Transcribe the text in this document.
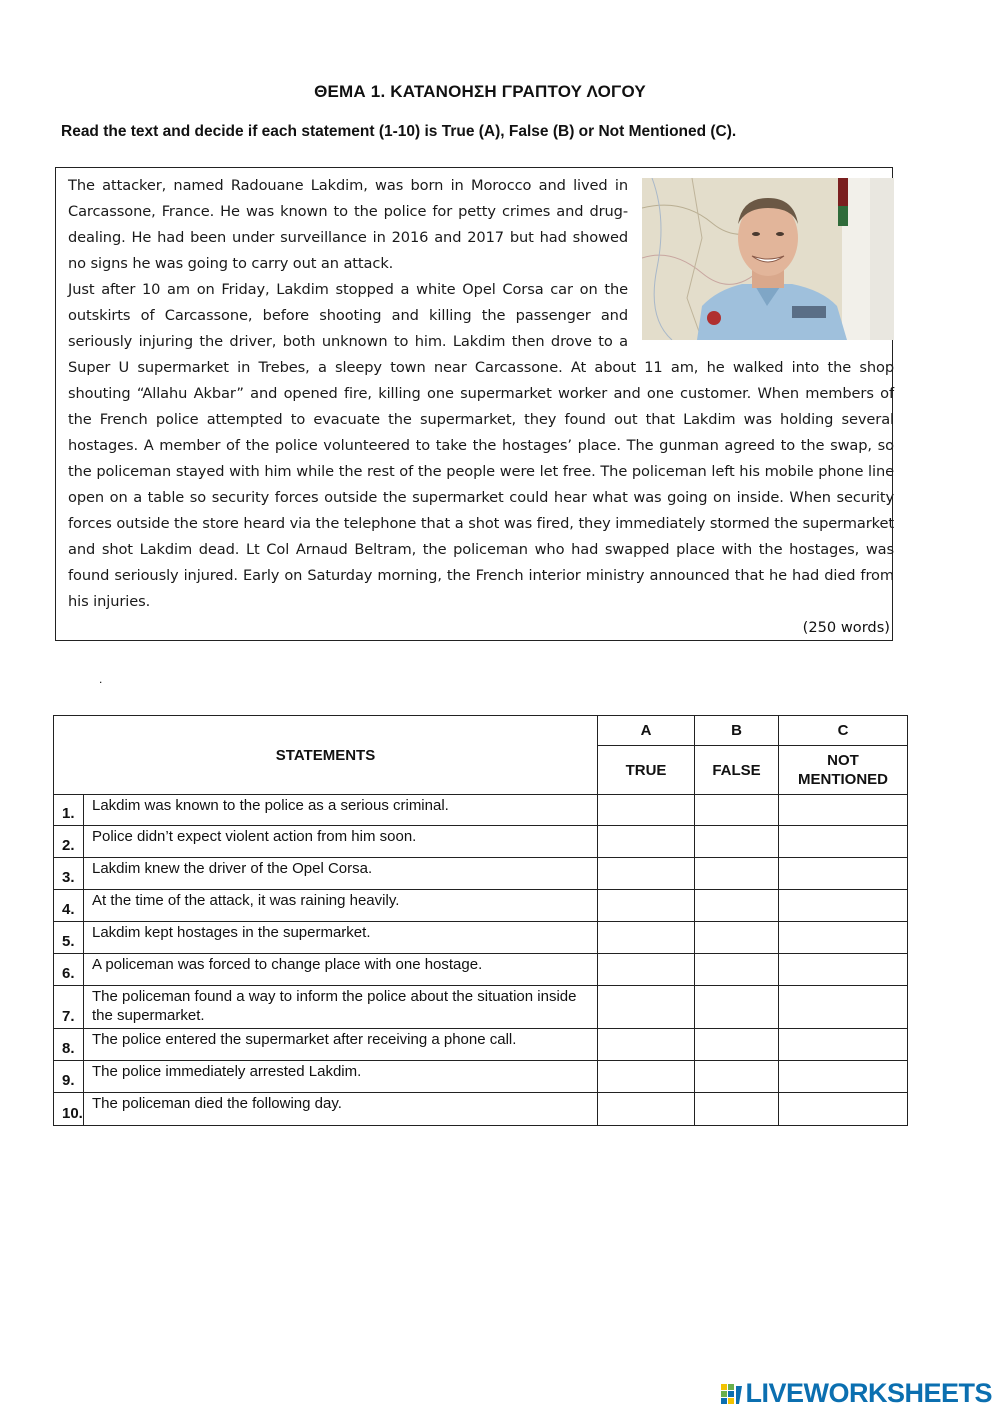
ΘΕΜΑ 1. ΚΑΤΑΝΟΗΣΗ ΓΡΑΠΤΟΥ ΛΟΓΟΥ
Read the text and decide if each statement (1-10) is True (A), False (B) or Not Mentioned (C).

The attacker, named Radouane Lakdim, was born in Morocco and lived in Carcassone, France. He was known to the police for petty crimes and drug-dealing. He had been under surveillance in 2016 and 2017 but had showed no signs he was going to carry out an attack.

Just after 10 am on Friday, Lakdim stopped a white Opel Corsa car on the outskirts of Carcassone, before shooting and killing the passenger and seriously injuring the driver, both unknown to him. Lakdim then drove to a Super U supermarket in Trebes, a sleepy town near Carcassone. At about 11 am, he walked into the shop shouting “Allahu Akbar” and opened fire, killing one supermarket worker and one customer. When members of the French police attempted to evacuate the supermarket, they found out that Lakdim was holding several hostages. A member of the police volunteered to take the hostages’ place. The gunman agreed to the swap, so the policeman stayed with him while the rest of the people were let free. The policeman left his mobile phone line open on a table so security forces outside the supermarket could hear what was going on inside. When security forces outside the store heard via the telephone that a shot was fired, they immediately stormed the supermarket and shot Lakdim dead. Lt Col Arnaud Beltram, the policeman who had swapped place with the hostages, was found seriously injured. Early on Saturday morning, the French interior ministry announced that he had died from his injuries.

(250 words)
.
STATEMENTS		A	B	C
		TRUE	FALSE	NOT MENTIONED
1.	Lakdim was known to the police as a serious criminal.			
2.	Police didn’t expect violent action from him soon.			
3.	Lakdim knew the driver of the Opel Corsa.			
4.	At the time of the attack, it was raining heavily.			
5.	Lakdim kept hostages in the supermarket.			
6.	A policeman was forced to change place with one hostage.			
7.	The policeman found a way to inform the police about the situation inside the supermarket.			
8.	The police entered the supermarket after receiving a phone call.			
9.	The police immediately arrested Lakdim.			
10.	The policeman died the following day.			
LIVEWORKSHEETS
